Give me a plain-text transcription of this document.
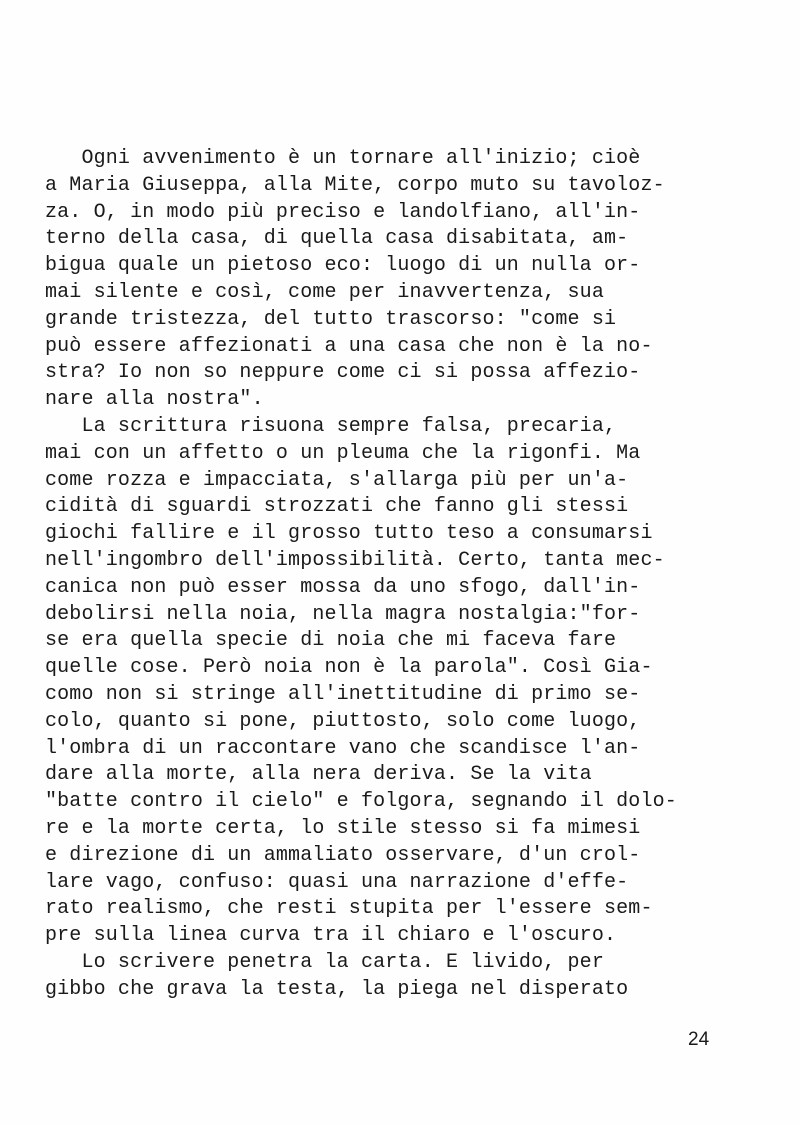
Ogni avvenimento è un tornare all'inizio; cioè
a Maria Giuseppa, alla Mite, corpo muto su tavoloz-
za. O, in modo più preciso e landolfiano, all'in-
terno della casa, di quella casa disabitata, am-
bigua quale un pietoso eco: luogo di un nulla or-
mai silente e così, come per inavvertenza, sua
grande tristezza, del tutto trascorso: "come si
può essere affezionati a una casa che non è la no-
stra? Io non so neppure come ci si possa affezio-
nare alla nostra".
La scrittura risuona sempre falsa, precaria,
mai con un affetto o un pleuma che la rigonfi. Ma
come rozza e impacciata, s'allarga più per un'a-
cidità di sguardi strozzati che fanno gli stessi
giochi fallire e il grosso tutto teso a consumarsi
nell'ingombro dell'impossibilità. Certo, tanta mec-
canica non può esser mossa da uno sfogo, dall'in-
debolirsi nella noia, nella magra nostalgia:"for-
se era quella specie di noia che mi faceva fare
quelle cose. Però noia non è la parola". Così Gia-
como non si stringe all'inettitudine di primo se-
colo, quanto si pone, piuttosto, solo come luogo,
l'ombra di un raccontare vano che scandisce l'an-
dare alla morte, alla nera deriva. Se la vita
"batte contro il cielo" e folgora, segnando il dolo-
re e la morte certa, lo stile stesso si fa mimesi
e direzione di un ammaliato osservare, d'un crol-
lare vago, confuso: quasi una narrazione d'effe-
rato realismo, che resti stupita per l'essere sem-
pre sulla linea curva tra il chiaro e l'oscuro.
Lo scrivere penetra la carta. E livido, per
gibbo che grava la testa, la piega nel disperato
24
